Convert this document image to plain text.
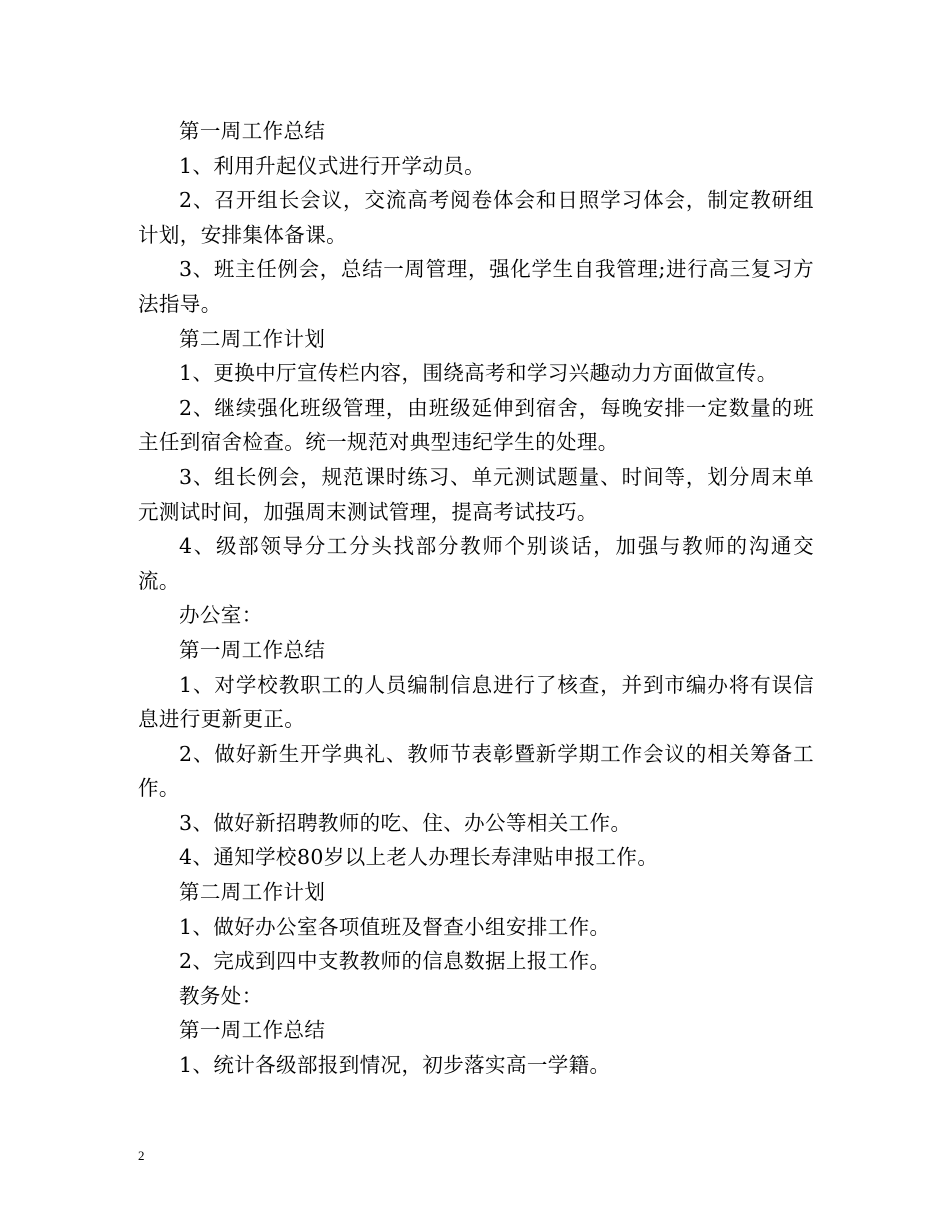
第一周工作总结

1、利用升起仪式进行开学动员。

2、召开组长会议，交流高考阅卷体会和日照学习体会，制定教研组计划，安排集体备课。

3、班主任例会，总结一周管理，强化学生自我管理;进行高三复习方法指导。

第二周工作计划

1、更换中厅宣传栏内容，围绕高考和学习兴趣动力方面做宣传。

2、继续强化班级管理，由班级延伸到宿舍，每晚安排一定数量的班主任到宿舍检查。统一规范对典型违纪学生的处理。

3、组长例会，规范课时练习、单元测试题量、时间等，划分周末单元测试时间，加强周末测试管理，提高考试技巧。

4、级部领导分工分头找部分教师个别谈话，加强与教师的沟通交流。

办公室：

第一周工作总结

1、对学校教职工的人员编制信息进行了核查，并到市编办将有误信息进行更新更正。

2、做好新生开学典礼、教师节表彰暨新学期工作会议的相关筹备工作。

3、做好新招聘教师的吃、住、办公等相关工作。

4、通知学校80岁以上老人办理长寿津贴申报工作。

第二周工作计划

1、做好办公室各项值班及督查小组安排工作。

2、完成到四中支教教师的信息数据上报工作。

教务处：

第一周工作总结

1、统计各级部报到情况，初步落实高一学籍。

2
